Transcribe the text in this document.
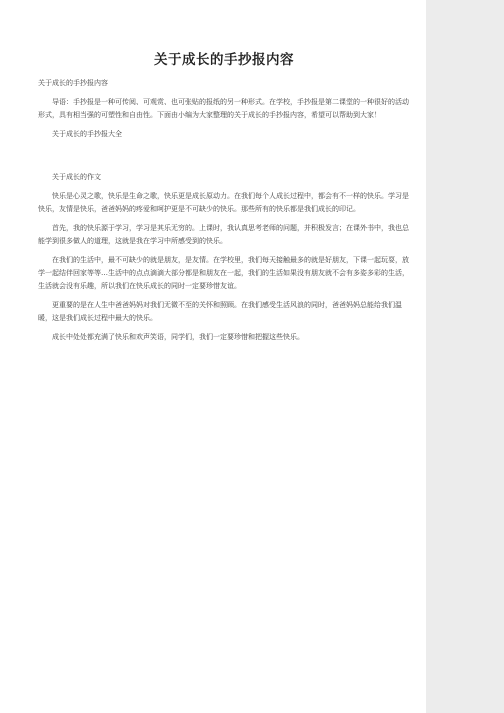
关于成长的手抄报内容
关于成长的手抄报内容
导语：手抄报是一种可传阅、可观赏、也可张贴的报纸的另一种形式。在学校，手抄报是第二课堂的一种很好的活动形式，具有相当强的可塑性和自由性。下面由小编为大家整理的关于成长的手抄报内容，希望可以帮助到大家！
关于成长的手抄报大全
关于成长的作文
快乐是心灵之歌，快乐是生命之歌，快乐更是成长原动力。在我们每个人成长过程中，都会有不一样的快乐。学习是快乐，友情是快乐，爸爸妈妈的疼爱和呵护更是不可缺少的快乐。那些所有的快乐都是我们成长的印记。
首先，我的快乐源于学习，学习是其乐无穷的。上课时，我认真思考老师的问题，并积极发言；在课外书中，我也总能学到很多做人的道理，这就是我在学习中所感受到的快乐。
在我们的生活中，最不可缺少的就是朋友，是友情。在学校里，我们每天接触最多的就是好朋友，下课一起玩耍，放学一起结伴回家等等…生活中的点点滴滴大部分都是和朋友在一起，我们的生活如果没有朋友就不会有多姿多彩的生活，生活就会没有乐趣，所以我们在快乐成长的同时一定要珍惜友谊。
更重要的是在人生中爸爸妈妈对我们无微不至的关怀和照顾。在我们感受生活风浪的同时，爸爸妈妈总能给我们温暖，这是我们成长过程中最大的快乐。
成长中处处都充满了快乐和欢声笑语，同学们，我们一定要珍惜和把握这些快乐。
